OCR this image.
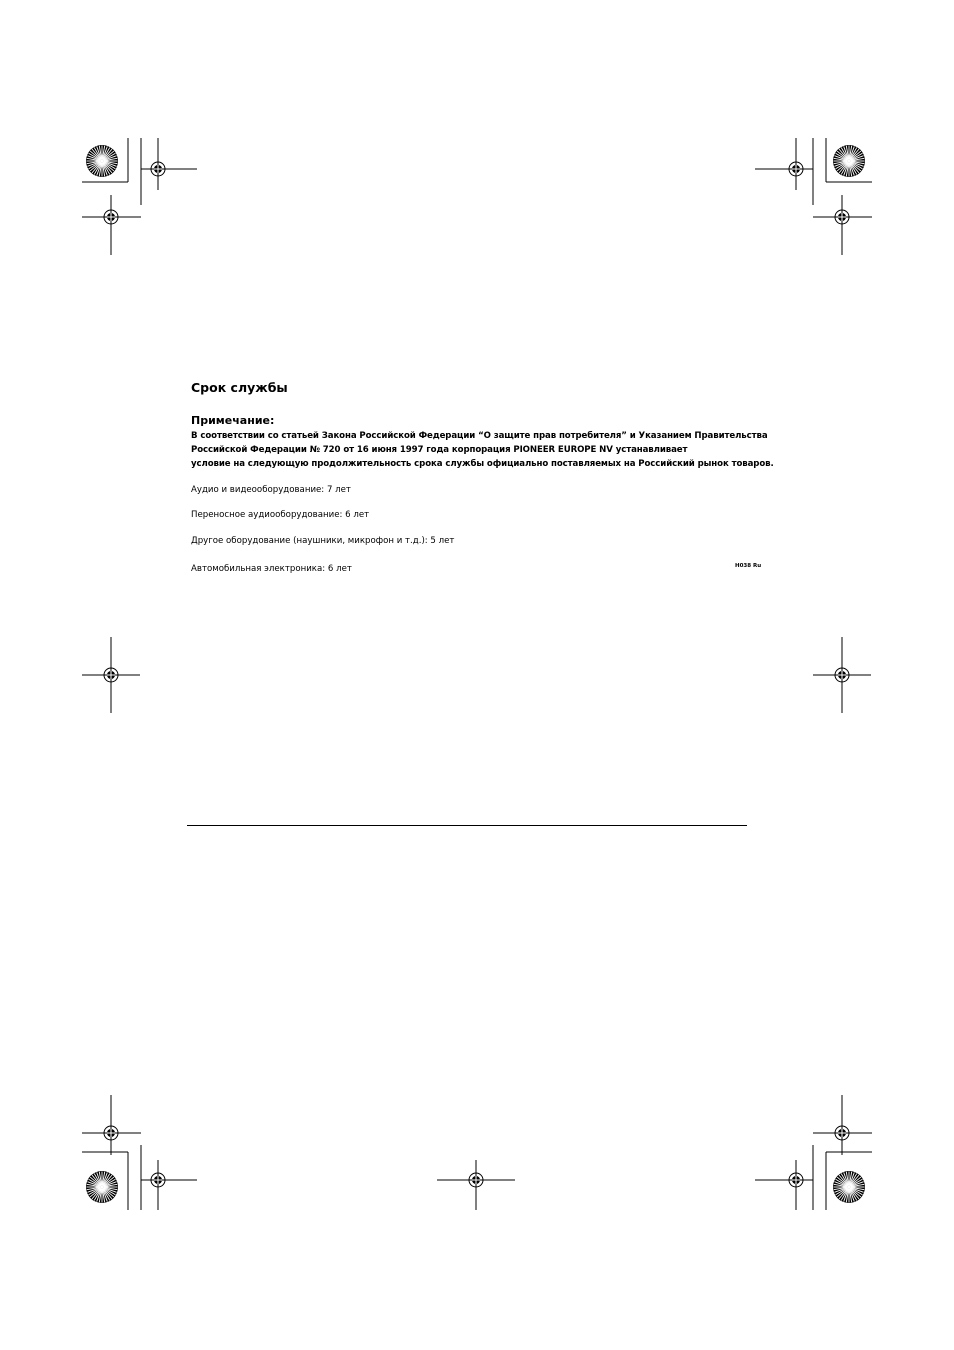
Срок службы
Примечание:
В соответствии со статьей Закона Российской Федерации “О защите прав потребителя” и Указанием Правительства
Российской Федерации № 720 от 16 июня 1997 года корпорация PIONEER EUROPE NV устанавливает
условие на следующую продолжительность срока службы официально поставляемых на Российский рынок товаров.
Аудио и видеооборудование: 7 лет
Переносное аудиооборудование: 6 лет
Другое оборудование (наушники, микрофон и т.д.): 5 лет
Автомобильная электроника: 6 лет	H038 Ru
